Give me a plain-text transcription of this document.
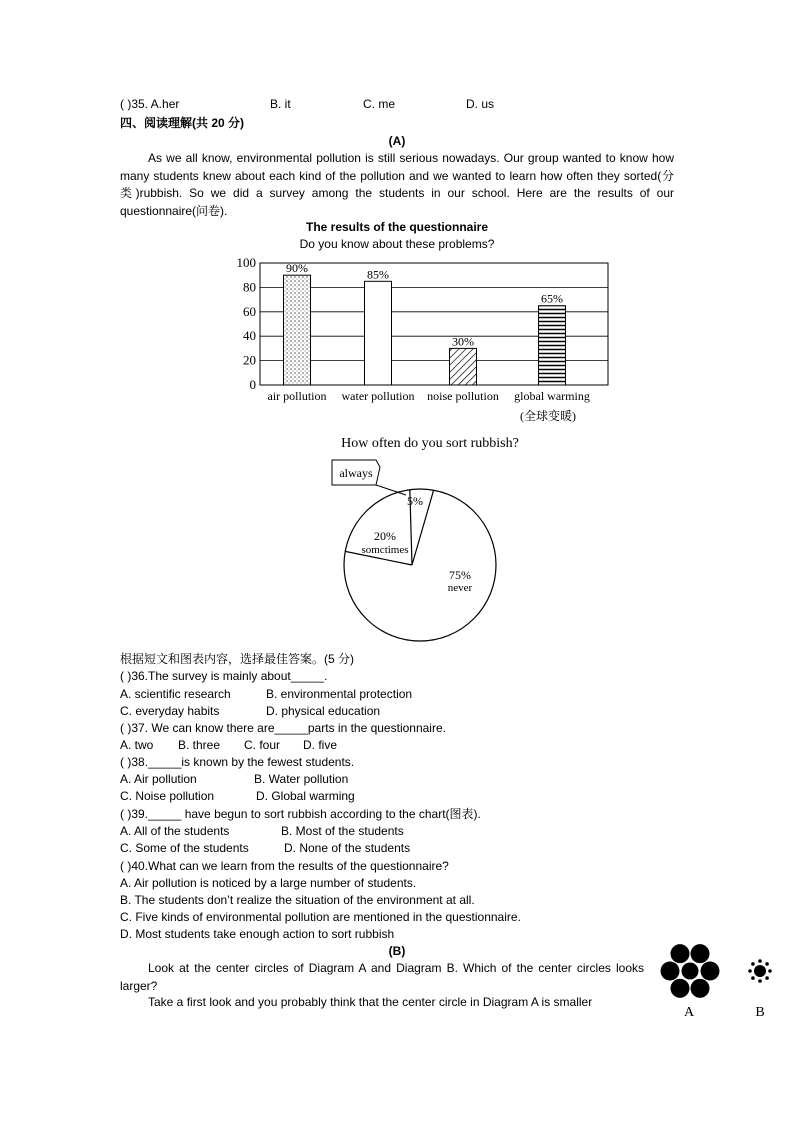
( )35. A.her	B. it	C. me	D. us
四、阅读理解(共 20 分)
(A)
As we all know, environmental pollution is still serious nowadays. Our group wanted to know how many students knew about each kind of the pollution and we wanted to learn how often they sorted(分类)rubbish. So we did a survey among the students in our school. Here are the results of our questionnaire(问卷).
The results of the questionnaire
Do you know about these problems?
0
20
40
60
80
100	90%
air pollution
85%
water pollution
30%
noise pollution
65%
global warming
(全球变暖)
How often do you sort rubbish?
5%
20%
somctimes
75%
never
always
根据短文和图表内容，选择最佳答案。(5 分)
( )36.The survey is mainly about_____.
A. scientific research	B. environmental protection
C. everyday habits	D. physical education
( )37. We can know there are_____parts in the questionnaire.
A. two B. three C. four D. five
( )38._____is known by the fewest students.
A. Air pollution	B. Water pollution
C. Noise pollution	D. Global warming
( )39._____ have begun to sort rubbish according to the chart(图表).
A. All of the students	B. Most of the students
C. Some of the students	D. None of the students
( )40.What can we learn from the results of the questionnaire?
A. Air pollution is noticed by a large number of students.
B. The students don’t realize the situation of the environment at all.
C. Five kinds of environmental pollution are mentioned in the questionnaire.
D. Most students take enough action to sort rubbish
(B)
Look at the center circles of Diagram A and Diagram B. Which of the center circles looks larger?
Take a first look and you probably think that the center circle in Diagram A is smaller
A	B
